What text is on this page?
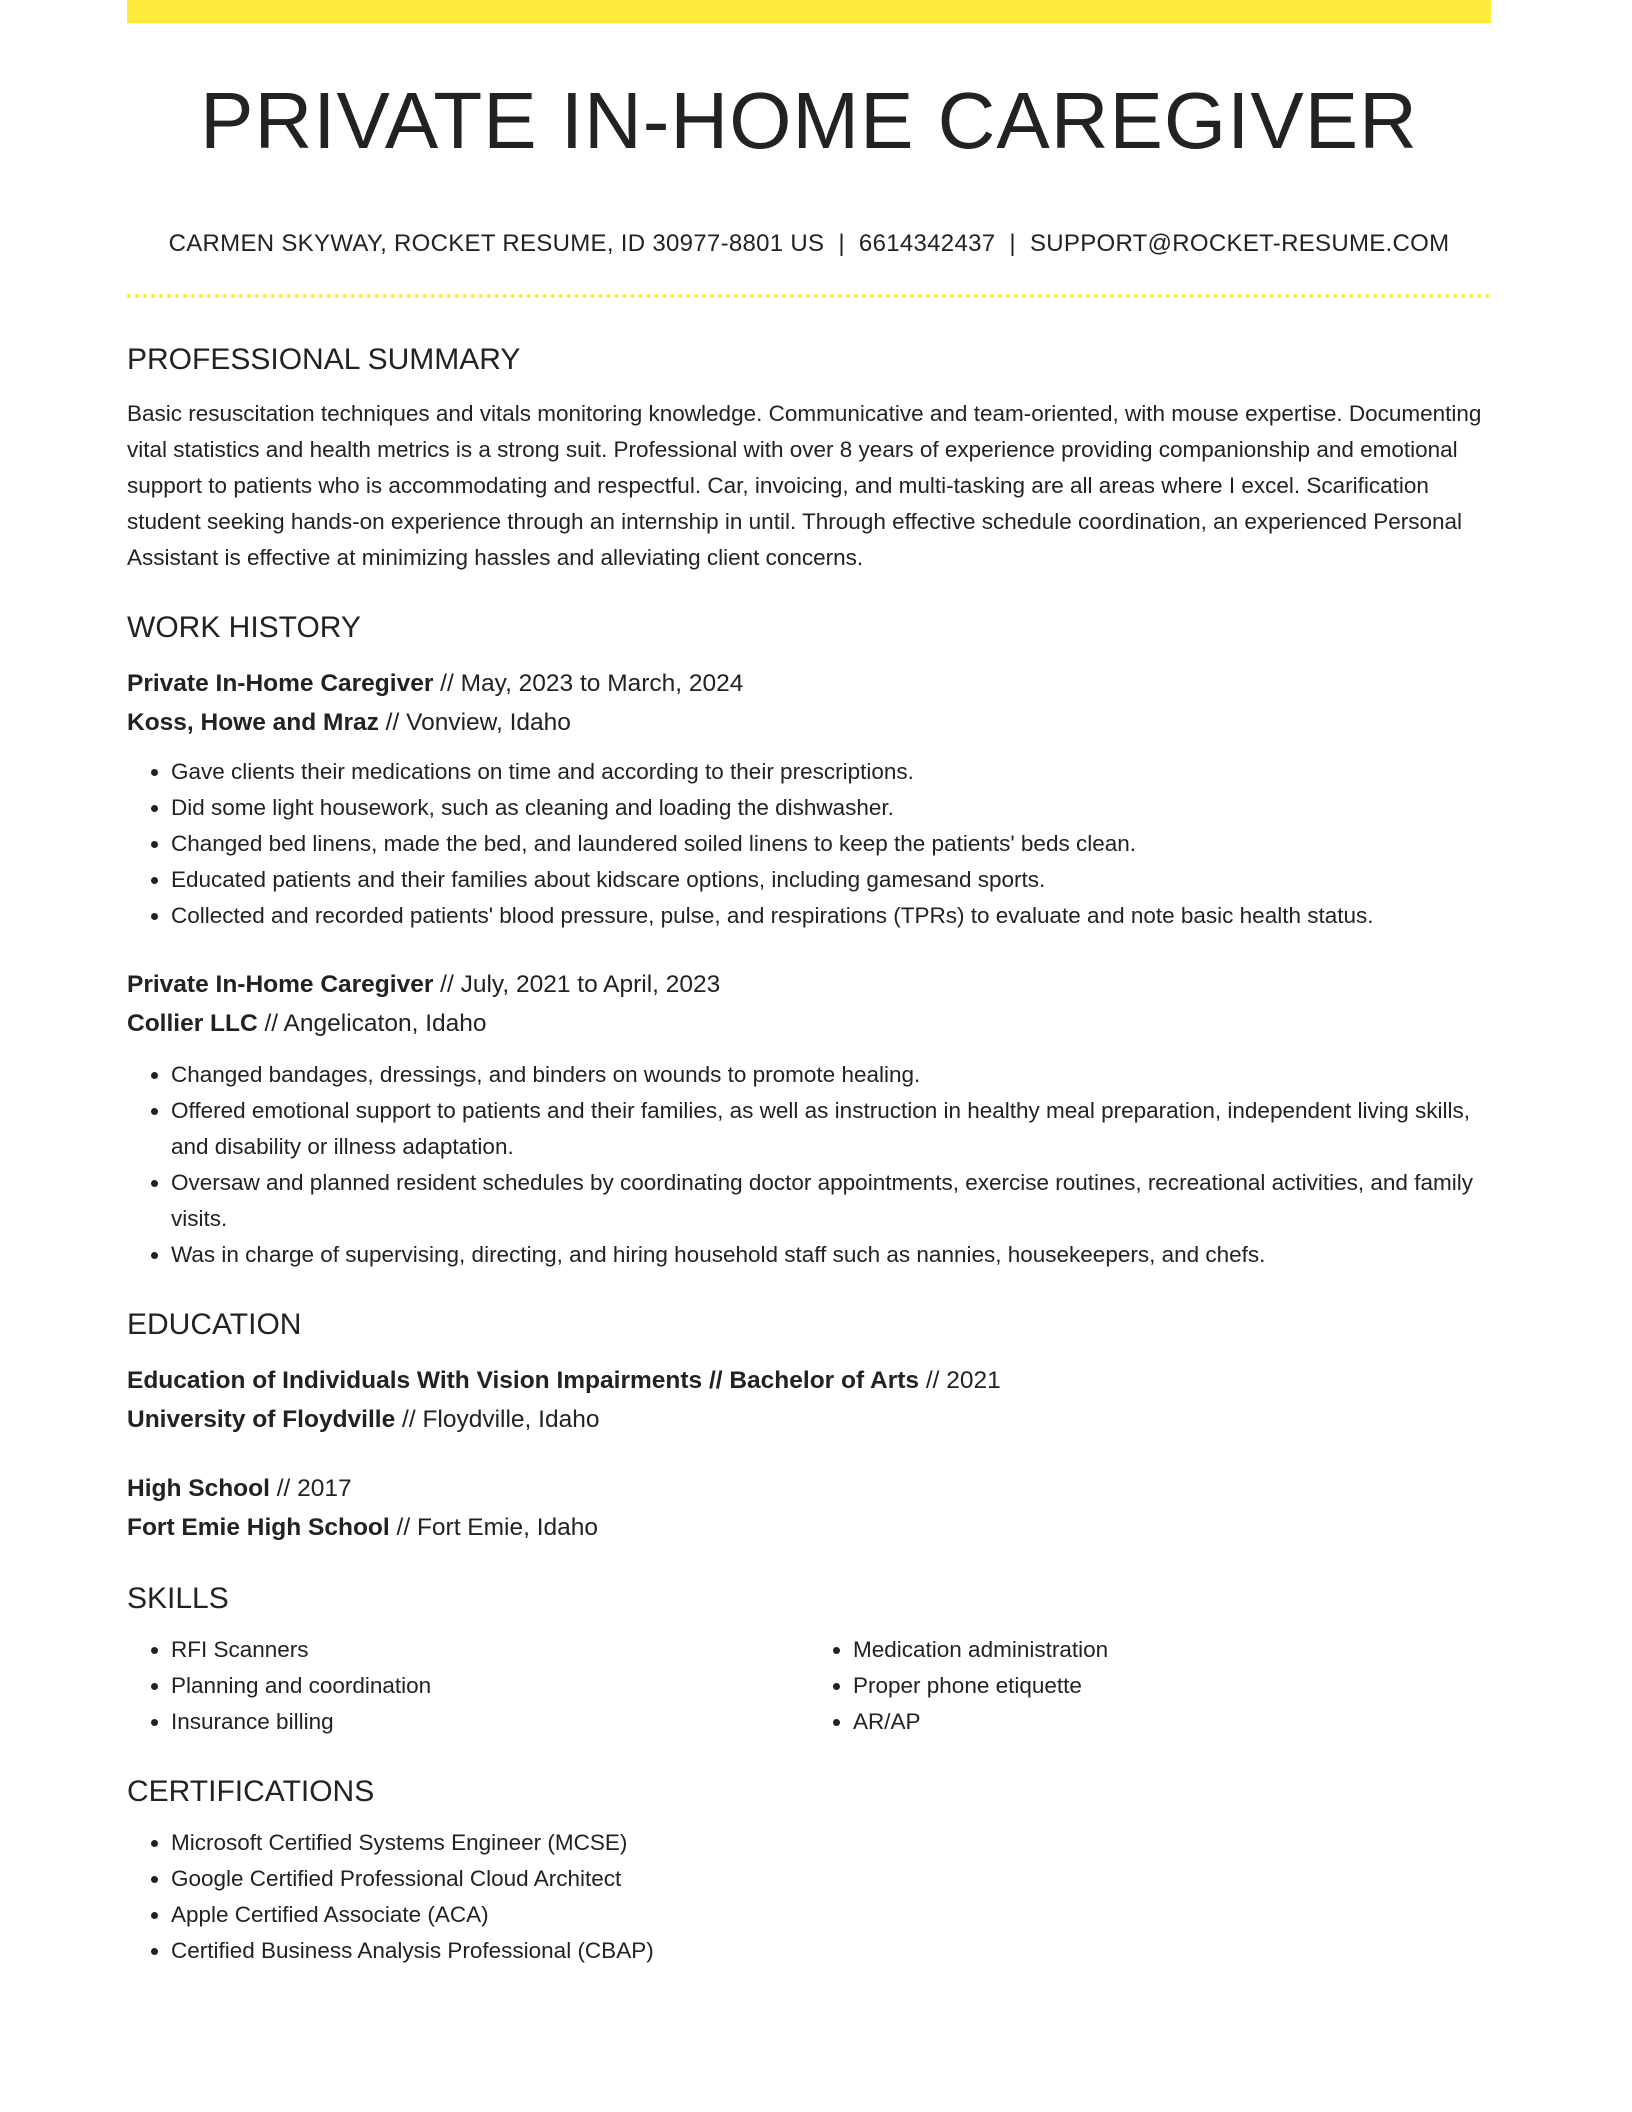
PRIVATE IN-HOME CAREGIVER
CARMEN SKYWAY, ROCKET RESUME, ID 30977-8801 US | 6614342437 | SUPPORT@ROCKET-RESUME.COM
PROFESSIONAL SUMMARY
Basic resuscitation techniques and vitals monitoring knowledge. Communicative and team-oriented, with mouse expertise. Documenting vital statistics and health metrics is a strong suit. Professional with over 8 years of experience providing companionship and emotional support to patients who is accommodating and respectful. Car, invoicing, and multi-tasking are all areas where I excel. Scarification student seeking hands-on experience through an internship in until. Through effective schedule coordination, an experienced Personal Assistant is effective at minimizing hassles and alleviating client concerns.
WORK HISTORY
Private In-Home Caregiver // May, 2023 to March, 2024
Koss, Howe and Mraz // Vonview, Idaho
• Gave clients their medications on time and according to their prescriptions.
• Did some light housework, such as cleaning and loading the dishwasher.
• Changed bed linens, made the bed, and laundered soiled linens to keep the patients' beds clean.
• Educated patients and their families about kidscare options, including gamesand sports.
• Collected and recorded patients' blood pressure, pulse, and respirations (TPRs) to evaluate and note basic health status.
Private In-Home Caregiver // July, 2021 to April, 2023
Collier LLC // Angelicaton, Idaho
• Changed bandages, dressings, and binders on wounds to promote healing.
• Offered emotional support to patients and their families, as well as instruction in healthy meal preparation, independent living skills, and disability or illness adaptation.
• Oversaw and planned resident schedules by coordinating doctor appointments, exercise routines, recreational activities, and family visits.
• Was in charge of supervising, directing, and hiring household staff such as nannies, housekeepers, and chefs.
EDUCATION
Education of Individuals With Vision Impairments // Bachelor of Arts // 2021
University of Floydville // Floydville, Idaho
High School // 2017
Fort Emie High School // Fort Emie, Idaho
SKILLS
• RFI Scanners
• Planning and coordination
• Insurance billing
• Medication administration
• Proper phone etiquette
• AR/AP
CERTIFICATIONS
• Microsoft Certified Systems Engineer (MCSE)
• Google Certified Professional Cloud Architect
• Apple Certified Associate (ACA)
• Certified Business Analysis Professional (CBAP)
